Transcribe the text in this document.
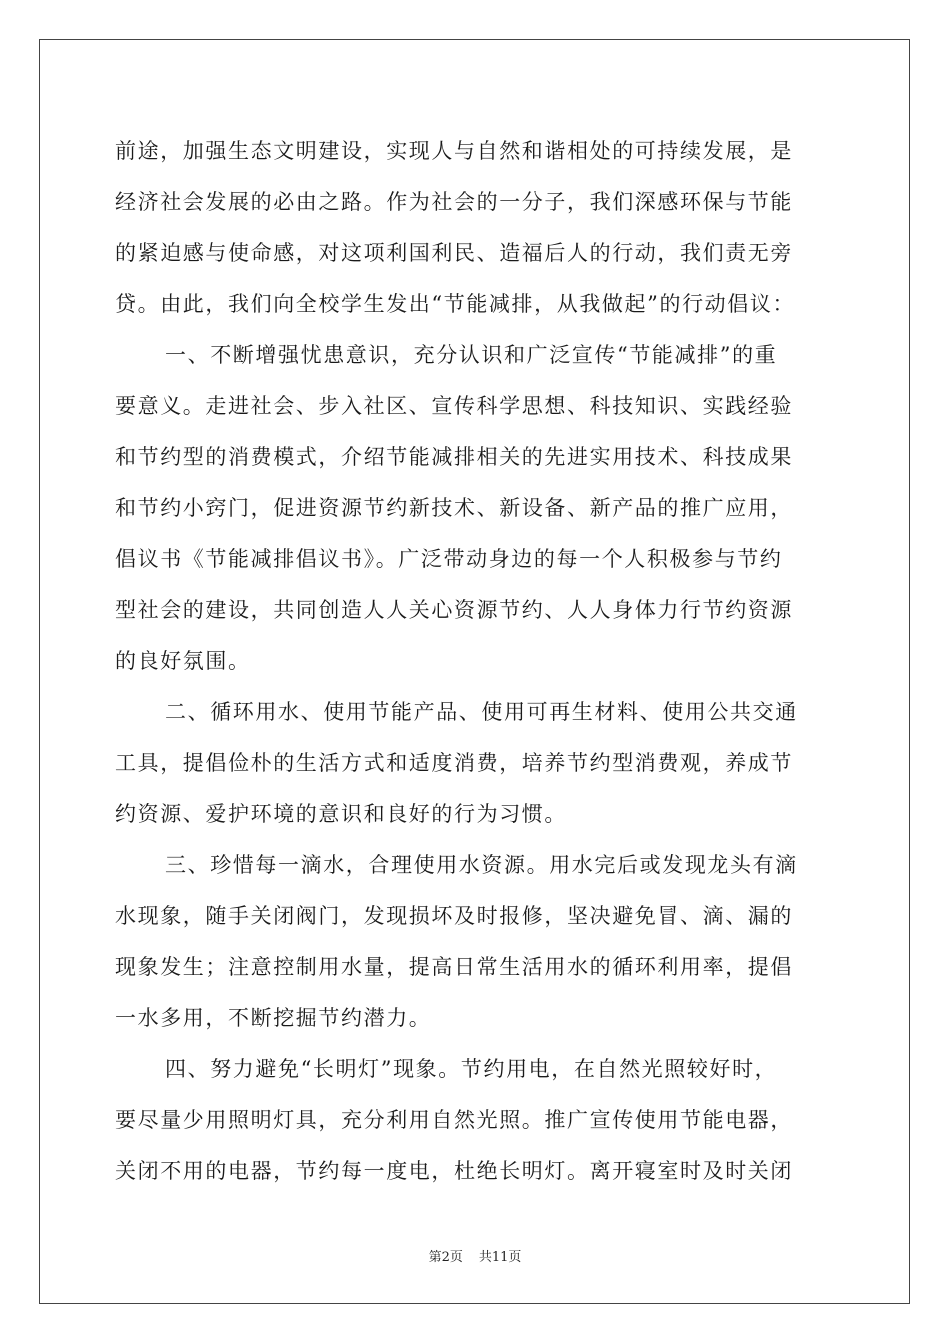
前途，加强生态文明建设，实现人与自然和谐相处的可持续发展，是
经济社会发展的必由之路。作为社会的一分子，我们深感环保与节能
的紧迫感与使命感，对这项利国利民、造福后人的行动，我们责无旁
贷。由此，我们向全校学生发出“节能减排，从我做起”的行动倡议：
一、不断增强忧患意识，充分认识和广泛宣传“节能减排”的重
要意义。走进社会、步入社区、宣传科学思想、科技知识、实践经验
和节约型的消费模式，介绍节能减排相关的先进实用技术、科技成果
和节约小窍门，促进资源节约新技术、新设备、新产品的推广应用，
倡议书《节能减排倡议书》。广泛带动身边的每一个人积极参与节约
型社会的建设，共同创造人人关心资源节约、人人身体力行节约资源
的良好氛围。
二、循环用水、使用节能产品、使用可再生材料、使用公共交通
工具，提倡俭朴的生活方式和适度消费，培养节约型消费观，养成节
约资源、爱护环境的意识和良好的行为习惯。
三、珍惜每一滴水，合理使用水资源。用水完后或发现龙头有滴
水现象，随手关闭阀门，发现损坏及时报修，坚决避免冒、滴、漏的
现象发生；注意控制用水量，提高日常生活用水的循环利用率，提倡
一水多用，不断挖掘节约潜力。
四、努力避免“长明灯”现象。节约用电，在自然光照较好时，
要尽量少用照明灯具，充分利用自然光照。推广宣传使用节能电器，
关闭不用的电器，节约每一度电，杜绝长明灯。离开寝室时及时关闭
第2页 共11页
